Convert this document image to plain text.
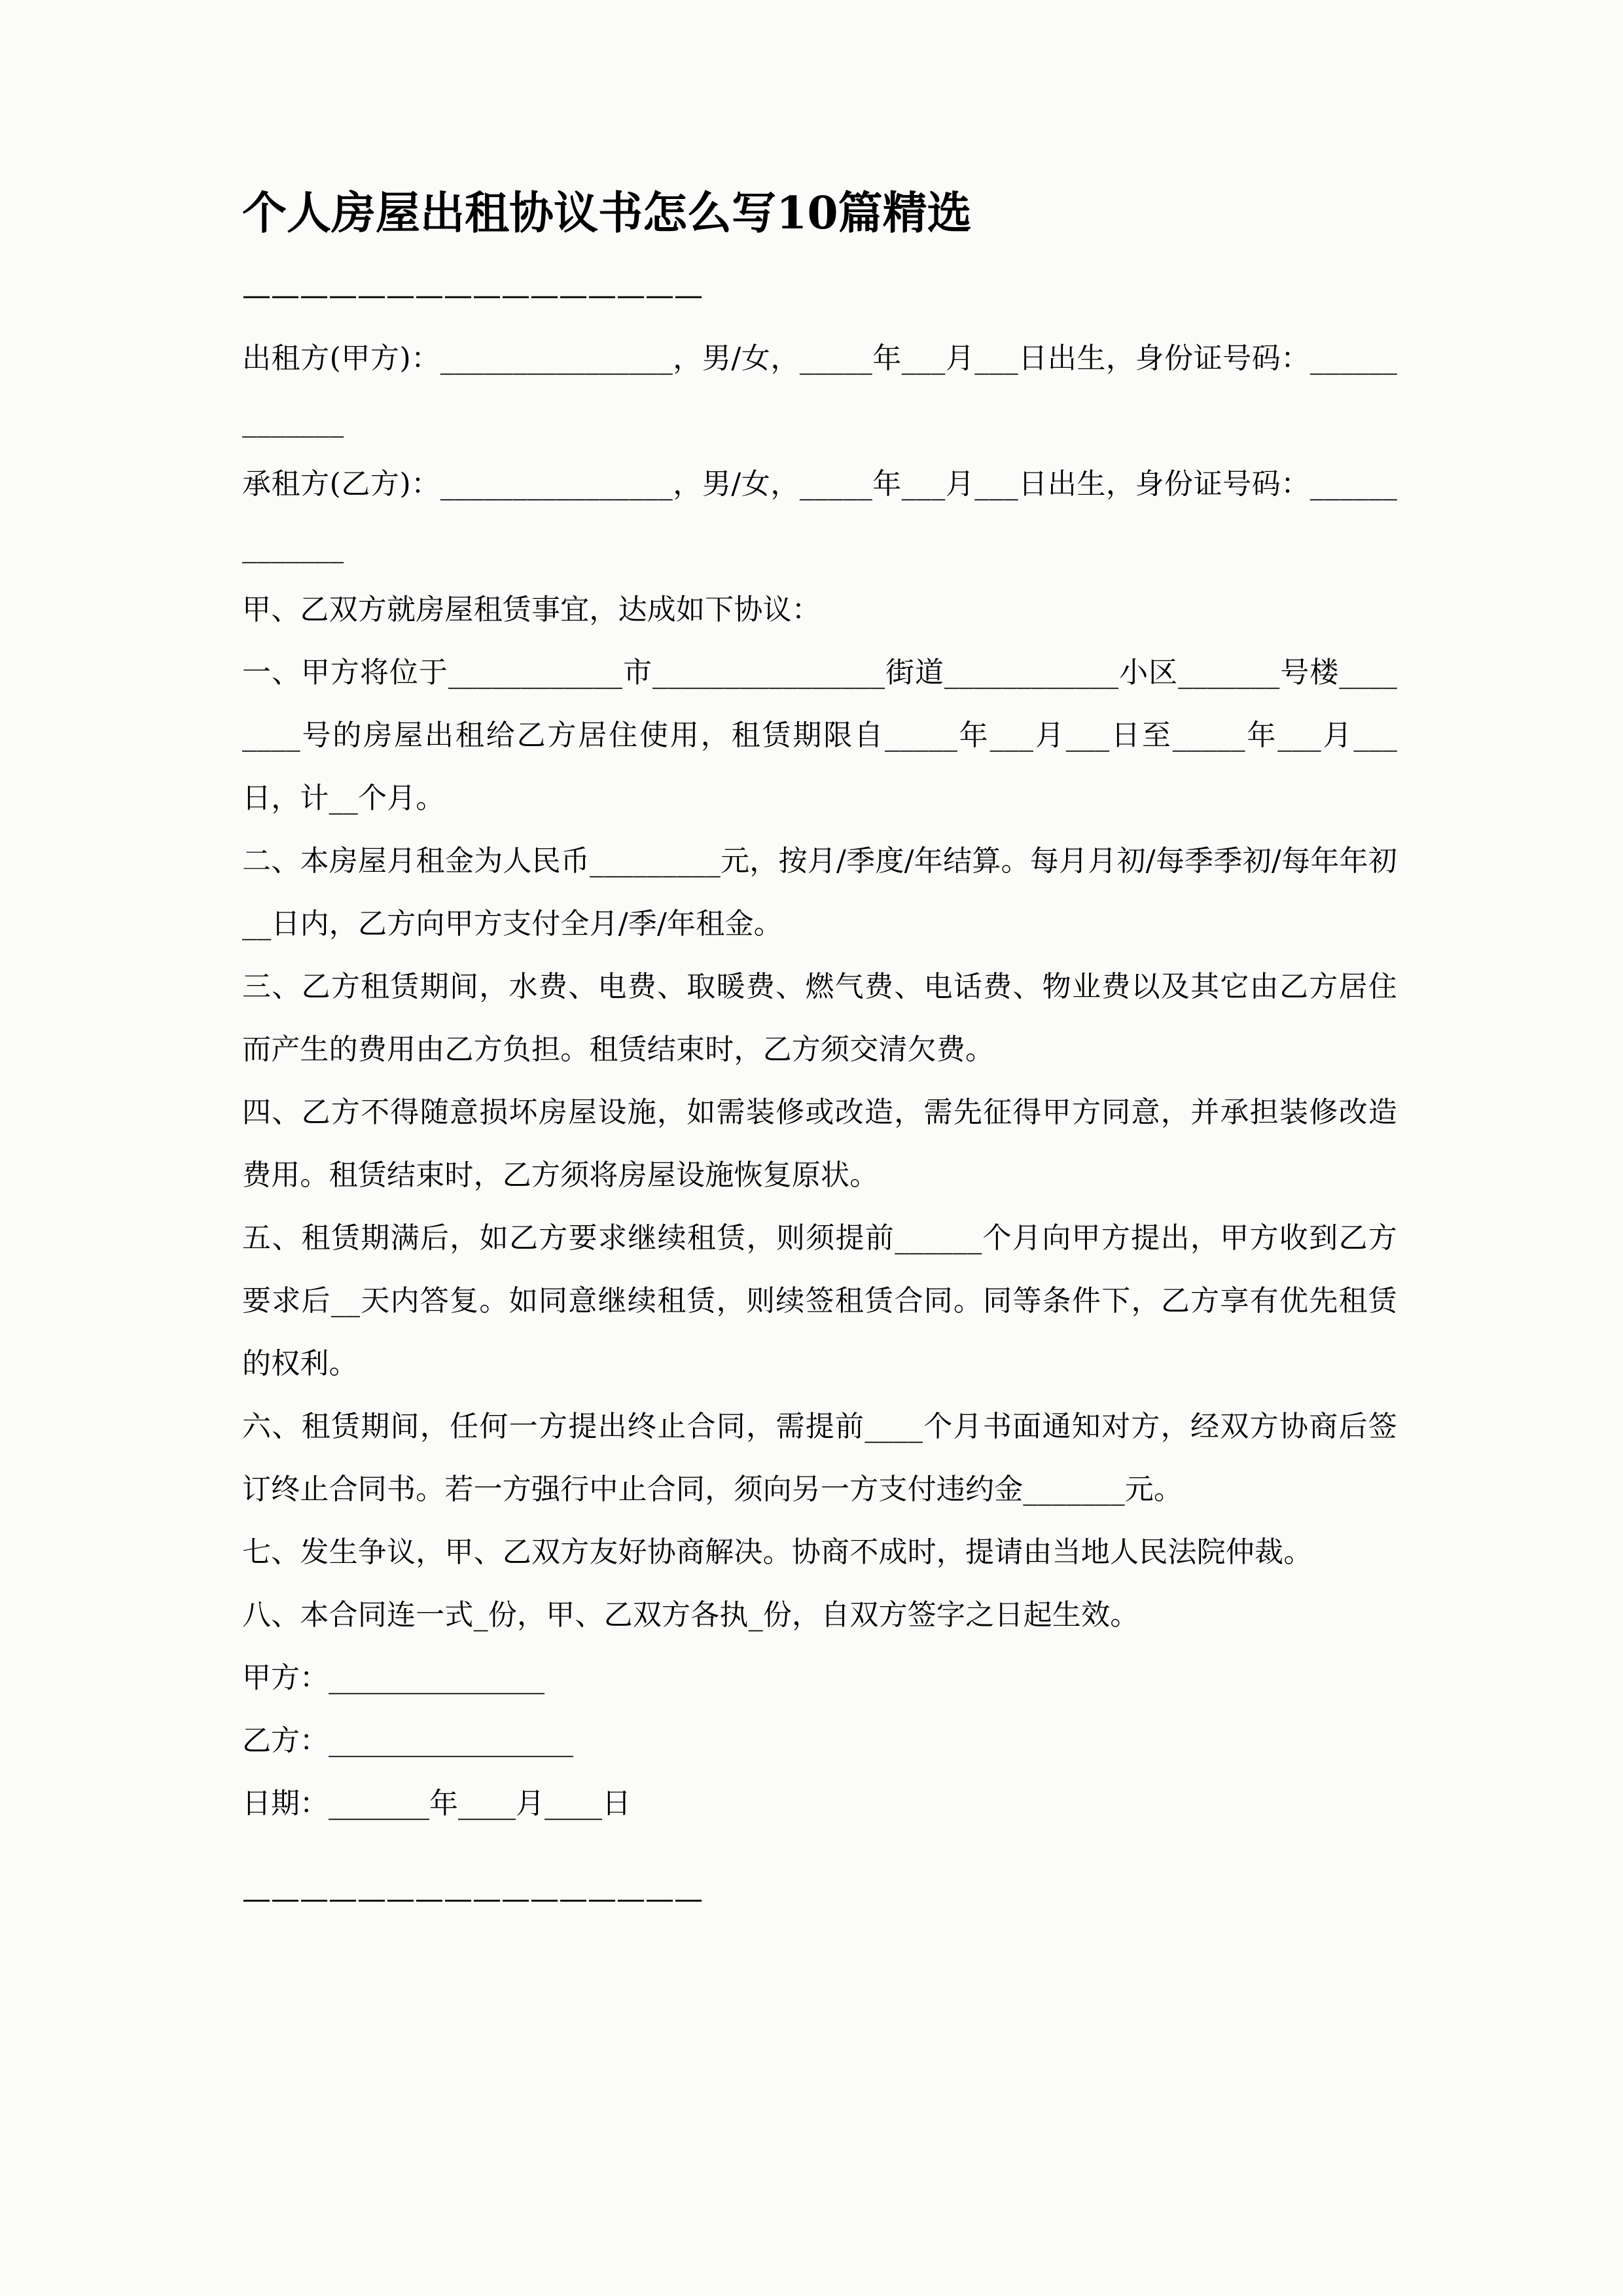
个人房屋出租协议书怎么写10篇精选
————————————————

出租方(甲方)：________________，男/女，_____年___月___日出生，身份证号码：_____________

承租方(乙方)：________________，男/女，_____年___月___日出生，身份证号码：_____________

甲、乙双方就房屋租赁事宜，达成如下协议：

一、甲方将位于____________市________________街道____________小区_______号楼________号的房屋出租给乙方居住使用，租赁期限自_____年___月___日至_____年___月___日，计__个月。

二、本房屋月租金为人民币_________元，按月/季度/年结算。每月月初/每季季初/每年年初__日内，乙方向甲方支付全月/季/年租金。

三、乙方租赁期间，水费、电费、取暖费、燃气费、电话费、物业费以及其它由乙方居住而产生的费用由乙方负担。租赁结束时，乙方须交清欠费。

四、乙方不得随意损坏房屋设施，如需装修或改造，需先征得甲方同意，并承担装修改造费用。租赁结束时，乙方须将房屋设施恢复原状。

五、租赁期满后，如乙方要求继续租赁，则须提前______个月向甲方提出，甲方收到乙方要求后__天内答复。如同意继续租赁，则续签租赁合同。同等条件下，乙方享有优先租赁的权利。

六、租赁期间，任何一方提出终止合同，需提前____个月书面通知对方，经双方协商后签订终止合同书。若一方强行中止合同，须向另一方支付违约金_______元。

七、发生争议，甲、乙双方友好协商解决。协商不成时，提请由当地人民法院仲裁。

八、本合同连一式_份，甲、乙双方各执_份，自双方签字之日起生效。

甲方：_______________

乙方：_________________

日期：_______年____月____日

————————————————
